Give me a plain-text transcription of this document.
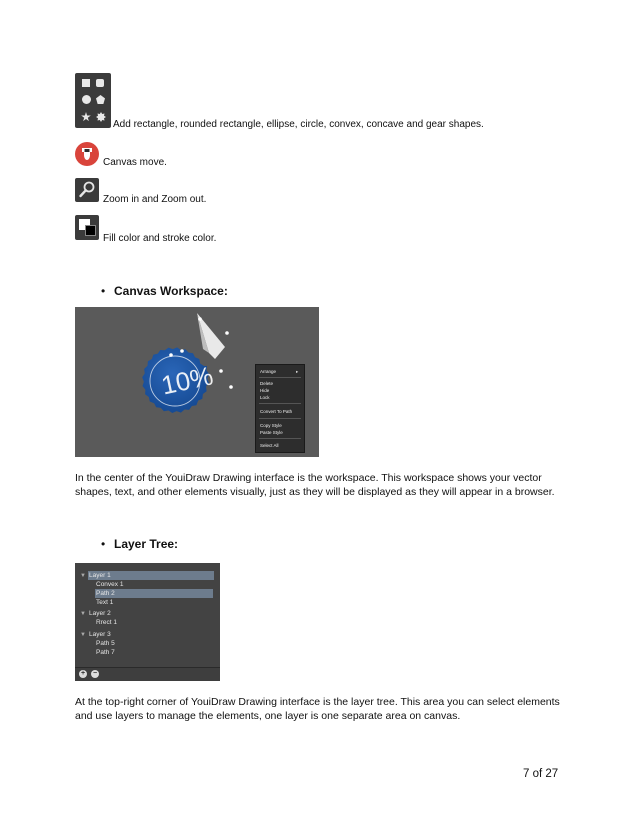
Add rectangle, rounded rectangle, ellipse, circle, convex, concave and gear shapes.
Canvas move.
Zoom in and Zoom out.
Fill color and stroke color.
• Canvas Workspace:
10%	Arrange	▸
Delete
Hide
Lock
Convert To Path
Copy Style
Paste Style
Select All
In the center of the YouiDraw Drawing interface is the workspace. This workspace shows your vector shapes, text, and other elements visually, just as they will be displayed as they will appear in a browser.
• Layer Tree:
Layer 1
▼
Convex 1
Path 2
Text 1
▼ Layer 2
Rrect 1
▼ Layer 3
Path 5
Path 7
+ −
At the top-right corner of YouiDraw Drawing interface is the layer tree. This area you can select elements and use layers to manage the elements, one layer is one separate area on canvas.
7 of 27
